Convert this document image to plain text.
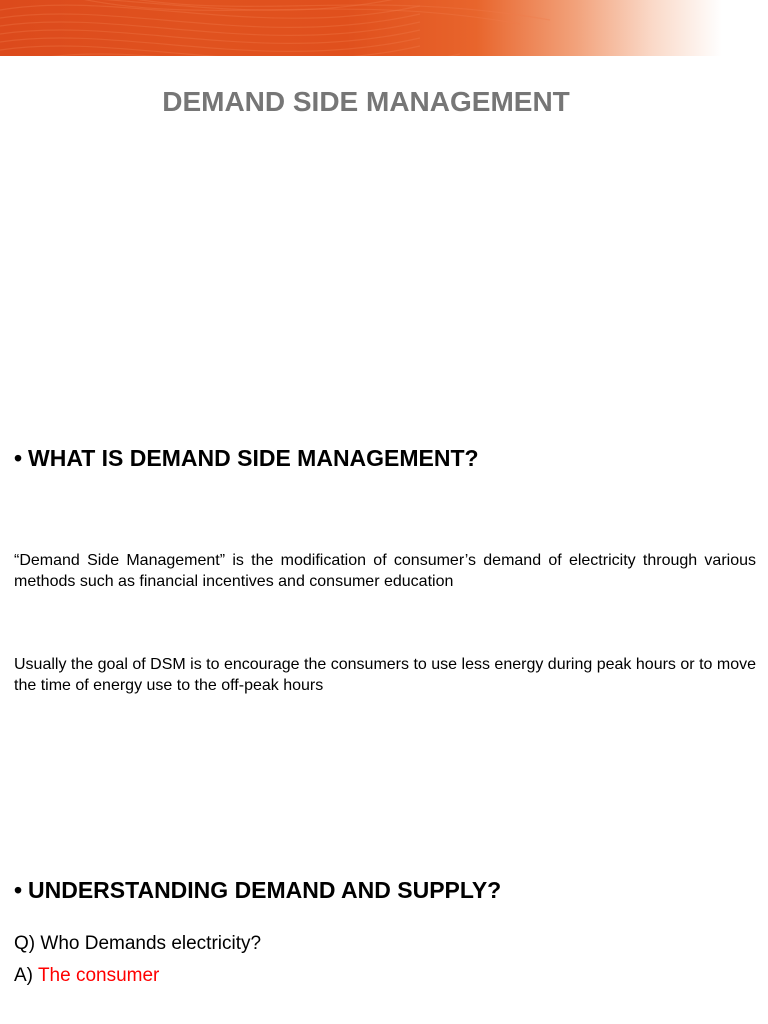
DEMAND SIDE MANAGEMENT
• WHAT IS DEMAND SIDE MANAGEMENT?
“Demand Side Management” is the modification of consumer’s demand of electricity through various methods such as financial incentives and consumer education
Usually the goal of DSM is to encourage the consumers to use less energy during peak hours or to move the time of energy use to the off-peak hours
• UNDERSTANDING DEMAND AND SUPPLY?
Q) Who Demands electricity?
A) The consumer
